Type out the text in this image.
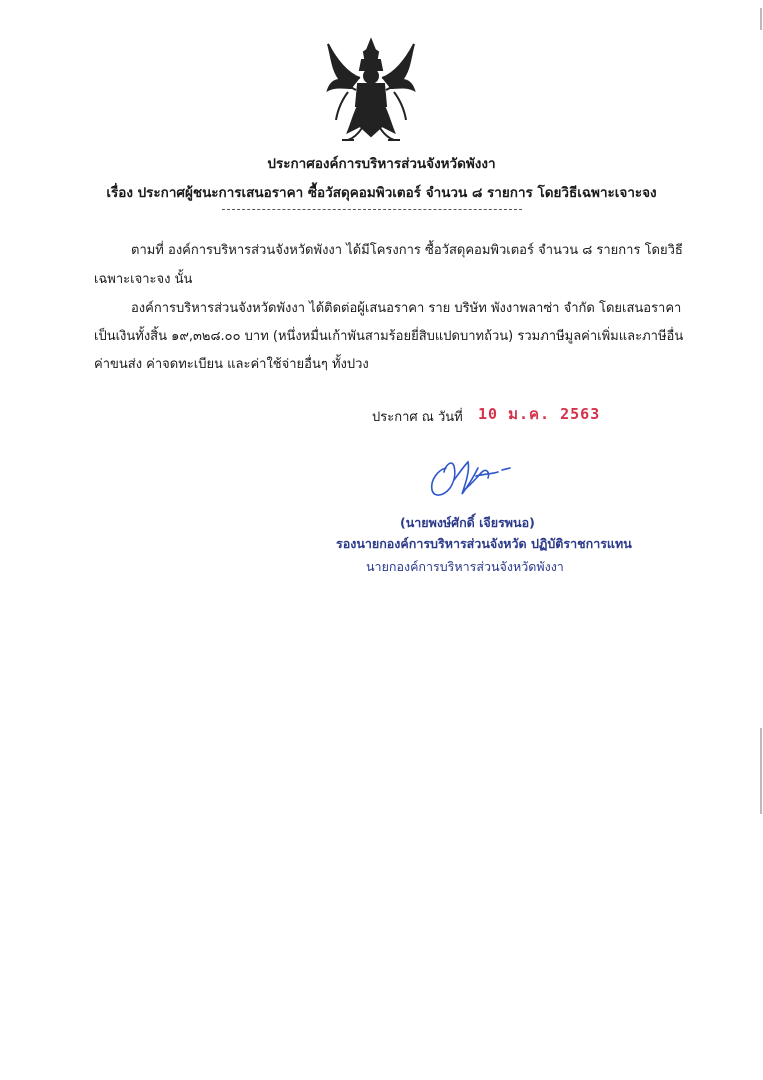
ประกาศองค์การบริหารส่วนจังหวัดพังงา
เรื่อง ประกาศผู้ชนะการเสนอราคา ซื้อวัสดุคอมพิวเตอร์ จำนวน ๘ รายการ โดยวิธีเฉพาะเจาะจง
ตามที่ องค์การบริหารส่วนจังหวัดพังงา ได้มีโครงการ ซื้อวัสดุคอมพิวเตอร์ จำนวน ๘ รายการ โดยวิธี
เฉพาะเจาะจง นั้น
องค์การบริหารส่วนจังหวัดพังงา ได้ติดต่อผู้เสนอราคา ราย บริษัท พังงาพลาซ่า จำกัด โดยเสนอราคา
เป็นเงินทั้งสิ้น ๑๙,๓๒๘.๐๐ บาท (หนึ่งหมื่นเก้าพันสามร้อยยี่สิบแปดบาทถ้วน) รวมภาษีมูลค่าเพิ่มและภาษีอื่น
ค่าขนส่ง ค่าจดทะเบียน และค่าใช้จ่ายอื่นๆ ทั้งปวง
ประกาศ ณ วันที่ 10 ม.ค. 2563
(นายพงษ์ศักดิ์ เจียรพนอ)
รองนายกองค์การบริหารส่วนจังหวัด ปฏิบัติราชการแทน
นายกองค์การบริหารส่วนจังหวัดพังงา
